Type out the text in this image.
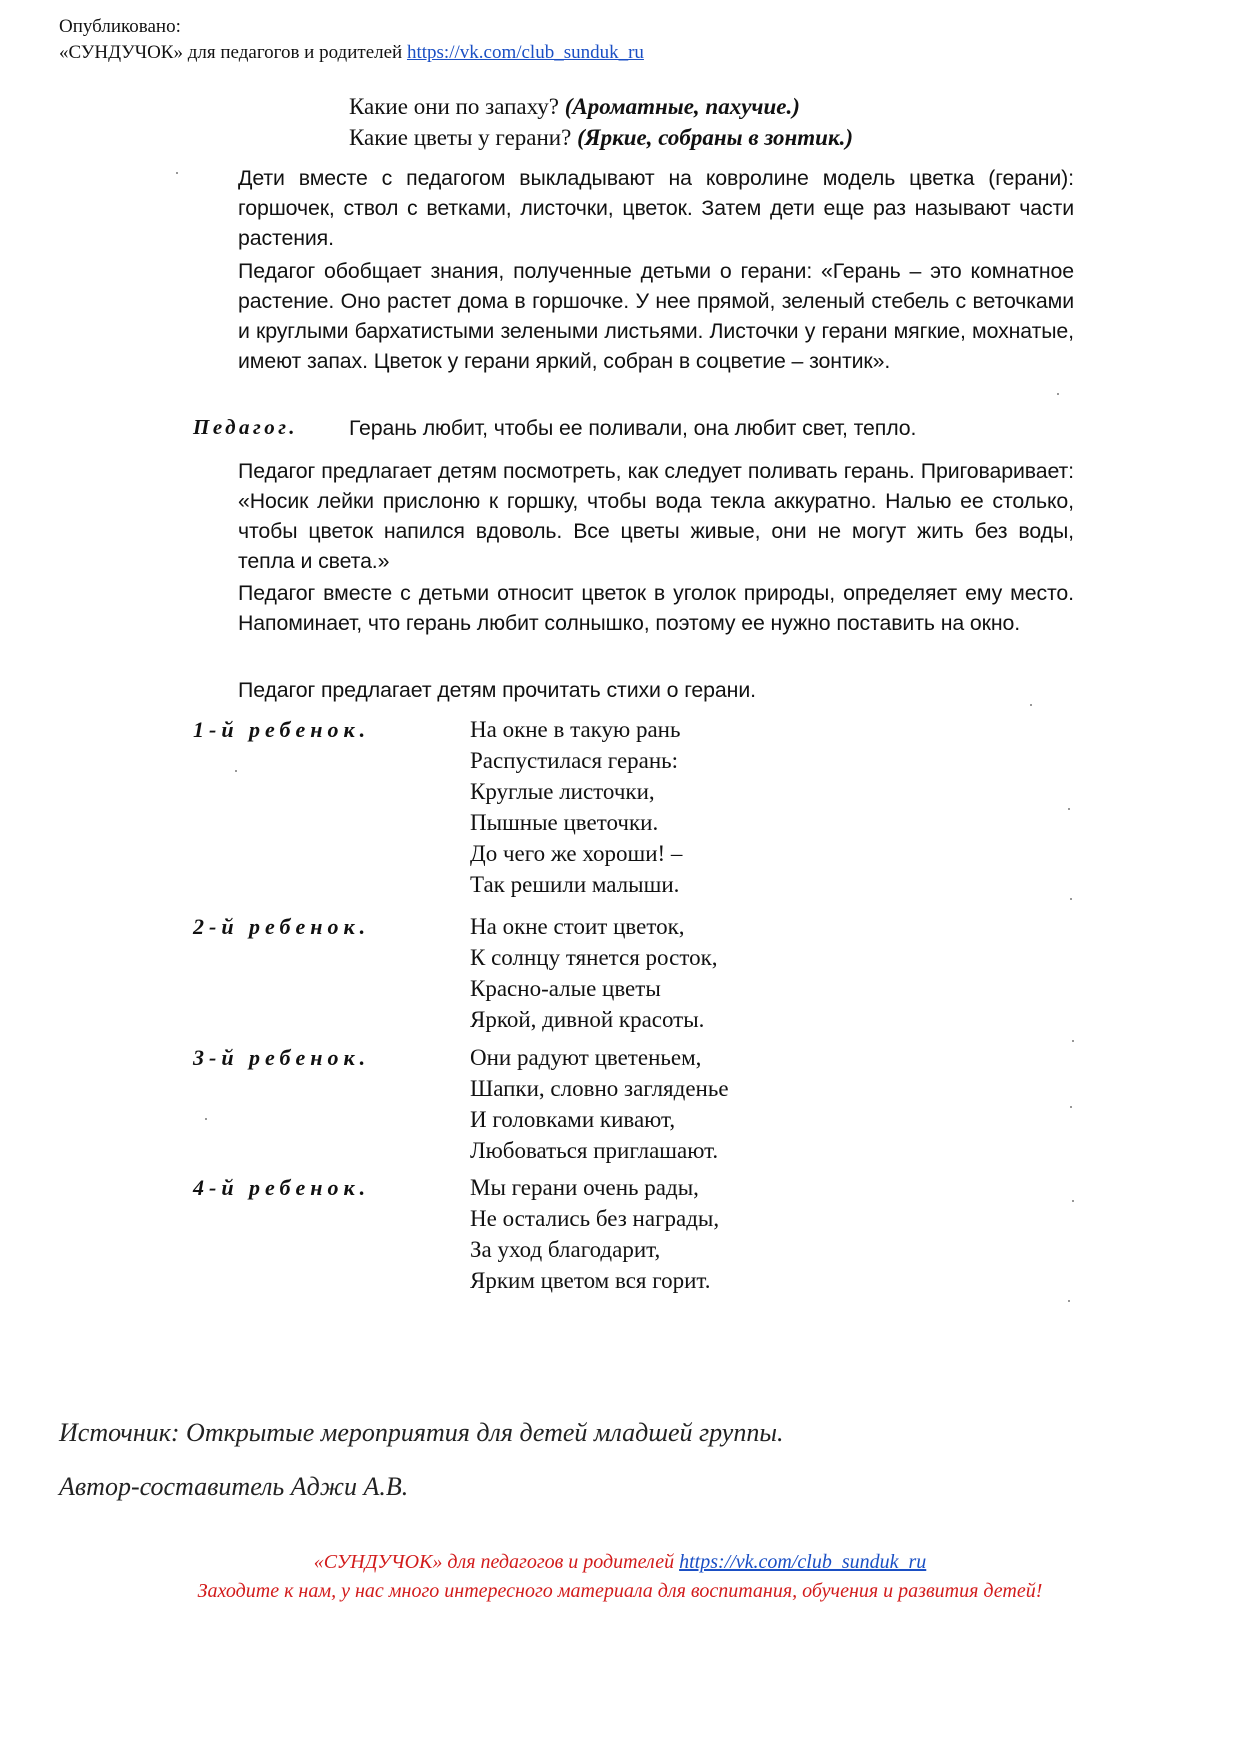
Опубликовано:
«СУНДУЧОК» для педагогов и родителей https://vk.com/club_sunduk_ru
Какие они по запаху? (Ароматные, пахучие.)
Какие цветы у герани? (Яркие, собраны в зонтик.)
Дети вместе с педагогом выкладывают на ковролине модель цветка (герани): горшочек, ствол с ветками, листочки, цветок. Затем дети еще раз называют части растения.
Педагог обобщает знания, полученные детьми о герани: «Герань – это комнатное растение. Оно растет дома в горшочке. У нее прямой, зеленый стебель с веточками и круглыми бархатистыми зелеными листьями. Листочки у герани мягкие, мохнатые, имеют запах. Цветок у герани яркий, собран в соцветие – зонтик».
Педагог. Герань любит, чтобы ее поливали, она любит свет, тепло.
Педагог предлагает детям посмотреть, как следует поливать герань. Приговаривает: «Носик лейки прислоню к горшку, чтобы вода текла аккуратно. Налью ее столько, чтобы цветок напился вдоволь. Все цветы живые, они не могут жить без воды, тепла и света.»
Педагог вместе с детьми относит цветок в уголок природы, определяет ему место. Напоминает, что герань любит солнышко, поэтому ее нужно поставить на окно.
Педагог предлагает детям прочитать стихи о герани.
1-й ребенок.	На окне в такую рань
Распустилася герань:
Круглые листочки,
Пышные цветочки.
До чего же хороши! –
Так решили малыши.
2-й ребенок.	На окне стоит цветок,
К солнцу тянется росток,
Красно-алые цветы
Яркой, дивной красоты.
3-й ребенок.	Они радуют цветеньем,
Шапки, словно загляденье
И головками кивают,
Любоваться приглашают.
4-й ребенок.	Мы герани очень рады,
Не остались без награды,
За уход благодарит,
Ярким цветом вся горит.
Источник: Открытые мероприятия для детей младшей группы.
Автор-составитель Аджи А.В.
«СУНДУЧОК» для педагогов и родителей https://vk.com/club_sunduk_ru
Заходите к нам, у нас много интересного материала для воспитания, обучения и развития детей!
